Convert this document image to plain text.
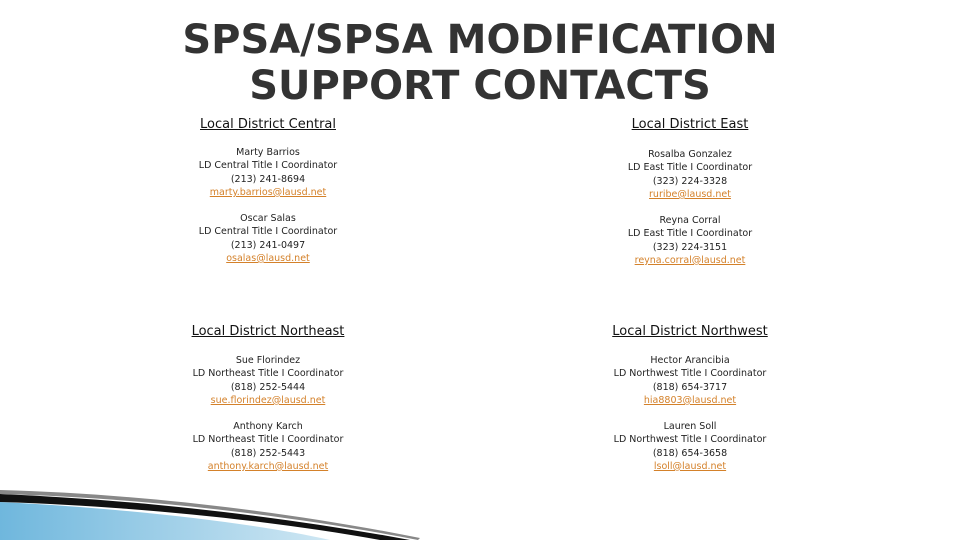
SPSA/SPSA MODIFICATION
SUPPORT CONTACTS
Local District Central	Local District East
Local District Northeast	Local District Northwest
Marty Barrios
LD Central Title I Coordinator
(213) 241-8694
marty.barrios@lausd.net
Oscar Salas
LD Central Title I Coordinator
(213) 241-0497
osalas@lausd.net
Rosalba Gonzalez
LD East Title I Coordinator
(323) 224-3328
ruribe@lausd.net
Reyna Corral
LD East Title I Coordinator
(323) 224-3151
reyna.corral@lausd.net
Sue Florindez
LD Northeast Title I Coordinator
(818) 252-5444
sue.florindez@lausd.net
Anthony Karch
LD Northeast Title I Coordinator
(818) 252-5443
anthony.karch@lausd.net
Hector Arancibia
LD Northwest Title I Coordinator
(818) 654-3717
hia8803@lausd.net
Lauren Soll
LD Northwest Title I Coordinator
(818) 654-3658
lsoll@lausd.net
